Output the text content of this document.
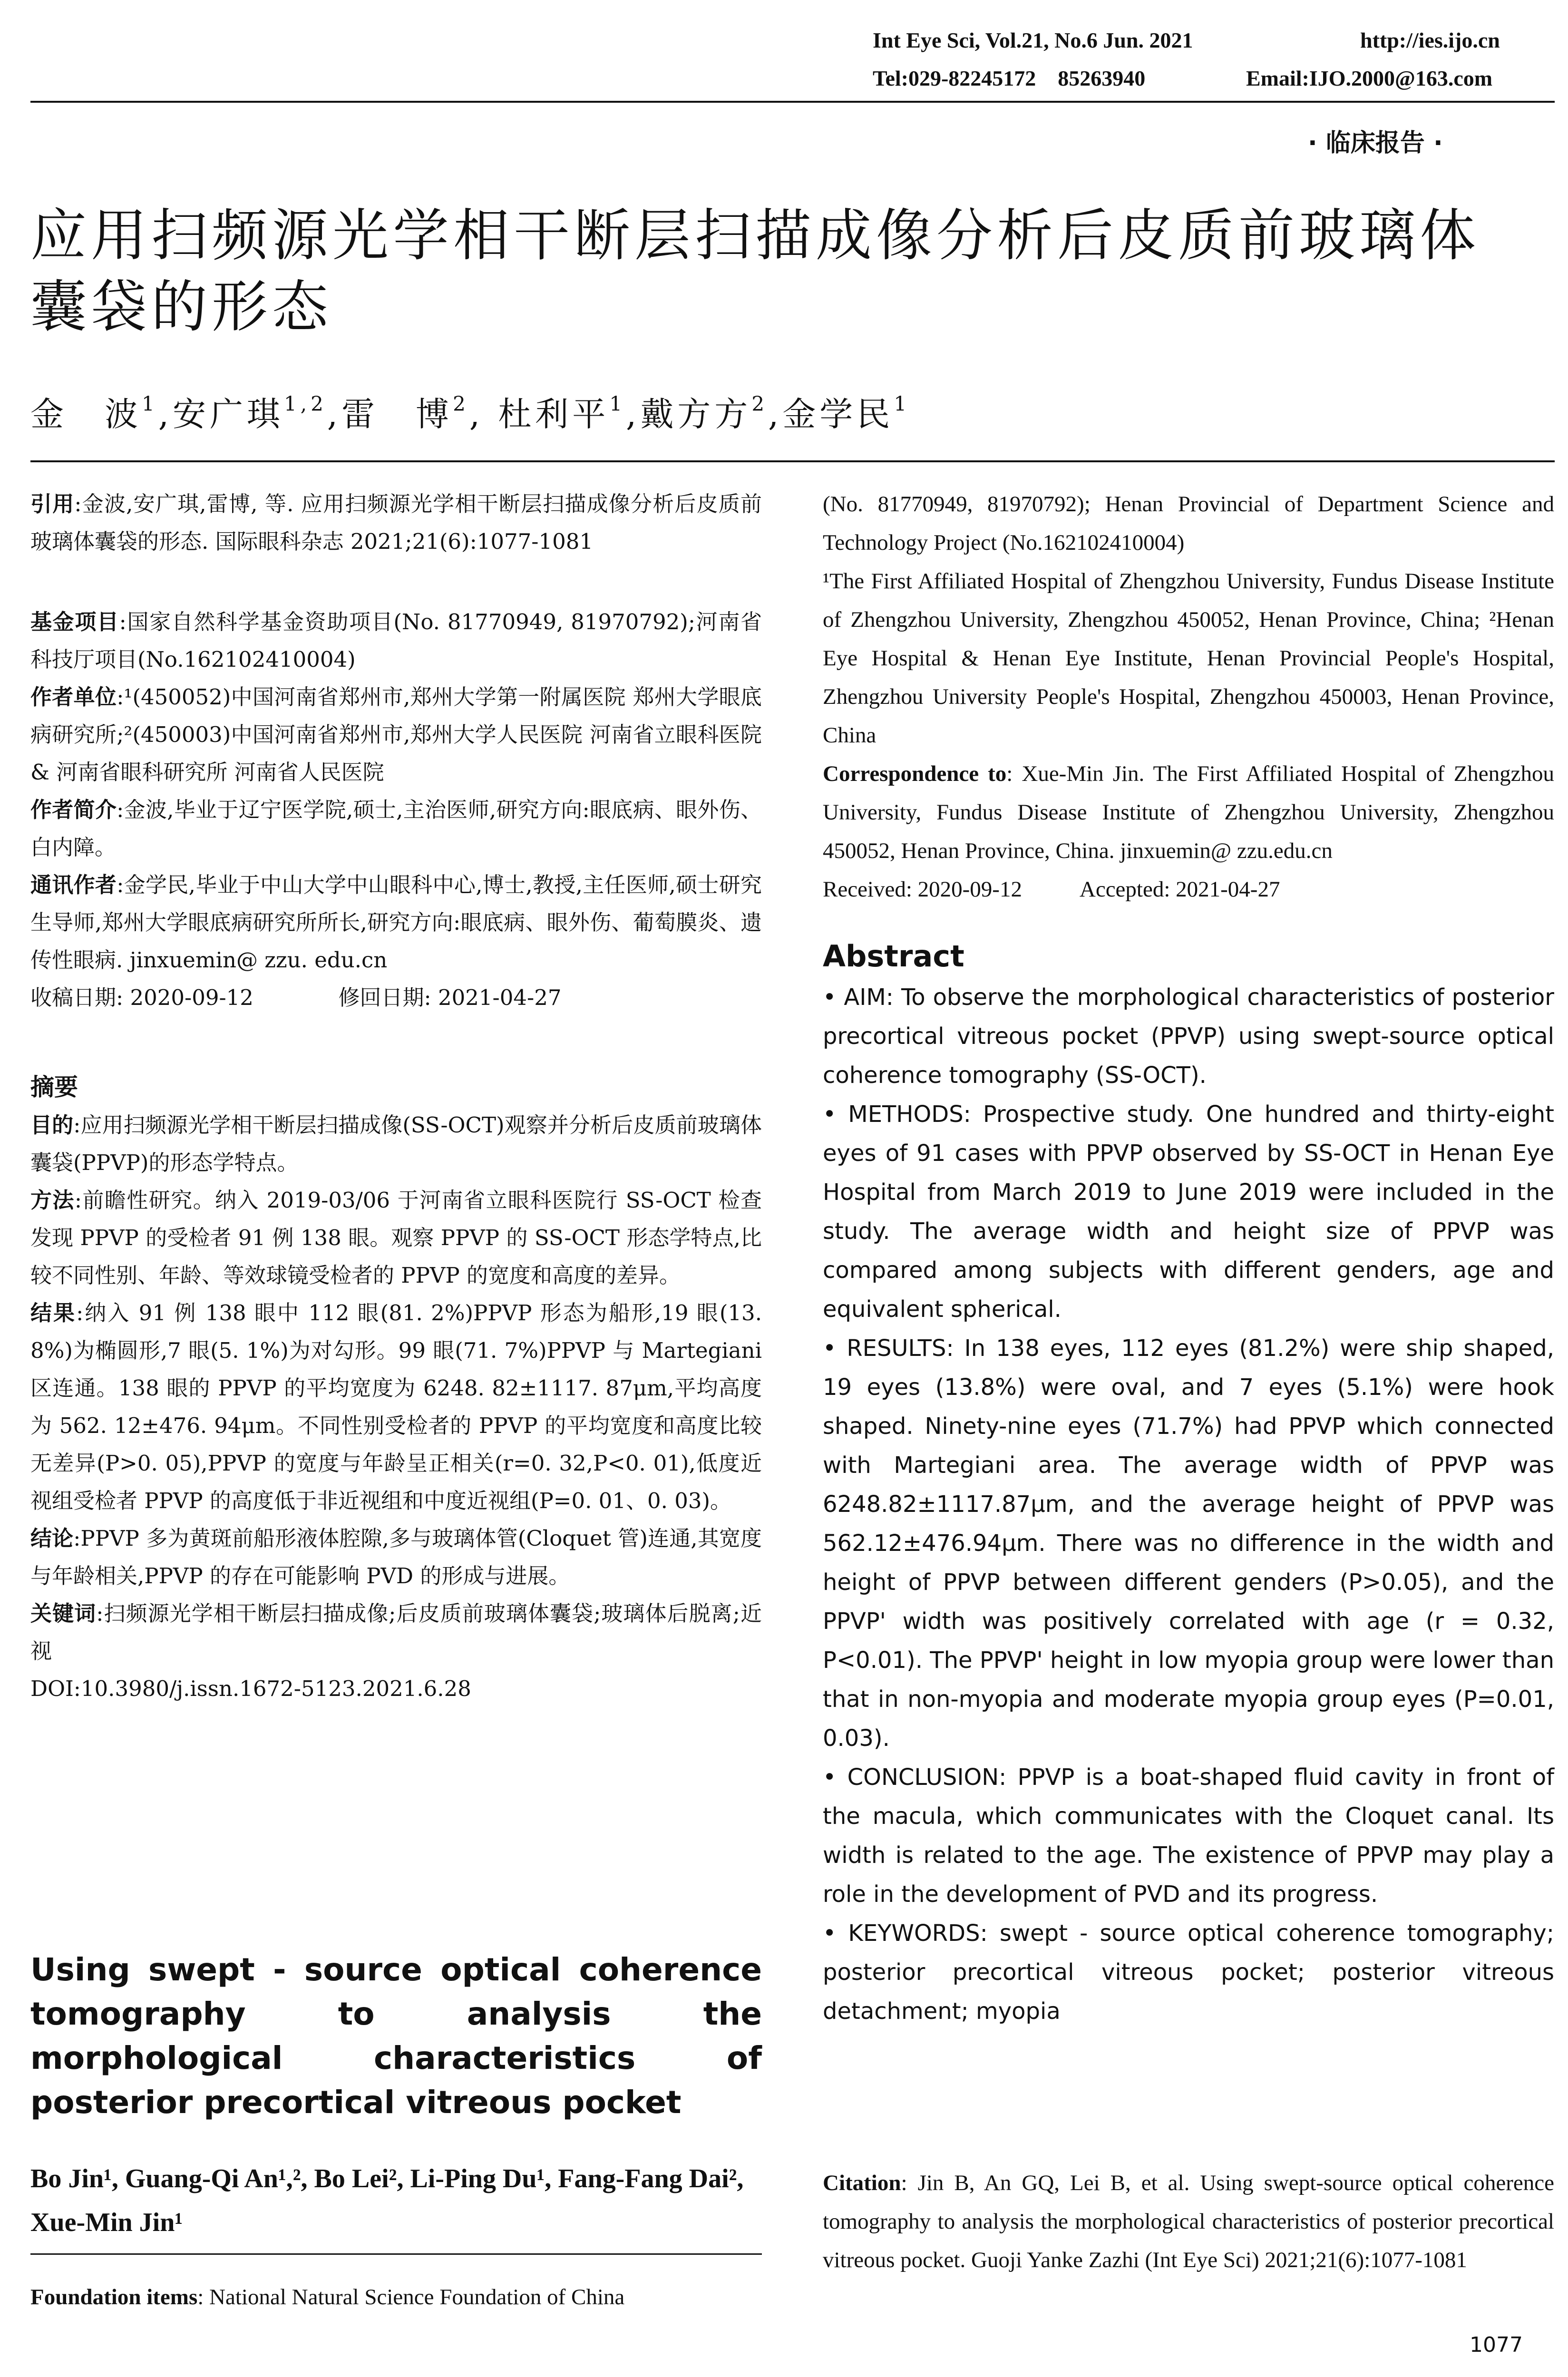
Int Eye Sci, Vol.21, No.6 Jun. 2021	http://ies.ijo.cn
Tel:029-82245172    85263940	Email:IJO.2000@163.com
· 临床报告 ·
应用扫频源光学相干断层扫描成像分析后皮质前玻璃体
囊袋的形态
金　波$^1$,安广琪$^{1,2}$,雷　博$^2$, 杜利平$^1$,戴方方$^2$,金学民$^1$
引用:金波,安广琪,雷博, 等. 应用扫频源光学相干断层扫描成像分析后皮质前玻璃体囊袋的形态. 国际眼科杂志 2021;21(6):1077-1081
基金项目:国家自然科学基金资助项目(No. 81770949, 81970792);河南省科技厅项目(No.162102410004)
作者单位:¹(450052)中国河南省郑州市,郑州大学第一附属医院 郑州大学眼底病研究所;²(450003)中国河南省郑州市,郑州大学人民医院 河南省立眼科医院 & 河南省眼科研究所 河南省人民医院
作者简介:金波,毕业于辽宁医学院,硕士,主治医师,研究方向:眼底病、眼外伤、白内障。
通讯作者:金学民,毕业于中山大学中山眼科中心,博士,教授,主任医师,硕士研究生导师,郑州大学眼底病研究所所长,研究方向:眼底病、眼外伤、葡萄膜炎、遗传性眼病. jinxuemin@ zzu. edu.cn
收稿日期: 2020-09-12	修回日期: 2021-04-27
摘要
目的:应用扫频源光学相干断层扫描成像(SS-OCT)观察并分析后皮质前玻璃体囊袋(PPVP)的形态学特点。
方法:前瞻性研究。纳入 2019-03/06 于河南省立眼科医院行 SS-OCT 检查发现 PPVP 的受检者 91 例 138 眼。观察 PPVP 的 SS-OCT 形态学特点,比较不同性别、年龄、等效球镜受检者的 PPVP 的宽度和高度的差异。
结果:纳入 91 例 138 眼中 112 眼(81. 2%)PPVP 形态为船形,19 眼(13. 8%)为椭圆形,7 眼(5. 1%)为对勾形。99 眼(71. 7%)PPVP 与 Martegiani 区连通。138 眼的 PPVP 的平均宽度为 6248. 82±1117. 87μm,平均高度为 562. 12±476. 94μm。不同性别受检者的 PPVP 的平均宽度和高度比较无差异(P>0. 05),PPVP 的宽度与年龄呈正相关(r=0. 32,P<0. 01),低度近视组受检者 PPVP 的高度低于非近视组和中度近视组(P=0. 01、0. 03)。
结论:PPVP 多为黄斑前船形液体腔隙,多与玻璃体管(Cloquet 管)连通,其宽度与年龄相关,PPVP 的存在可能影响 PVD 的形成与进展。
关键词:扫频源光学相干断层扫描成像;后皮质前玻璃体囊袋;玻璃体后脱离;近视
DOI:10.3980/j.issn.1672-5123.2021.6.28
Using swept - source optical coherence tomography to analysis the morphological characteristics of posterior precortical vitreous pocket
Bo Jin¹, Guang-Qi An¹,², Bo Lei², Li-Ping Du¹, Fang-Fang Dai², Xue-Min Jin¹
Foundation items: National Natural Science Foundation of China
(No. 81770949, 81970792); Henan Provincial of Department Science and Technology Project (No.162102410004)
¹The First Affiliated Hospital of Zhengzhou University, Fundus Disease Institute of Zhengzhou University, Zhengzhou 450052, Henan Province, China; ²Henan Eye Hospital & Henan Eye Institute, Henan Provincial People's Hospital, Zhengzhou University People's Hospital, Zhengzhou 450003, Henan Province, China
Correspondence to: Xue-Min Jin. The First Affiliated Hospital of Zhengzhou University, Fundus Disease Institute of Zhengzhou University, Zhengzhou 450052, Henan Province, China. jinxuemin@ zzu.edu.cn
Received: 2020-09-12	Accepted: 2021-04-27
Abstract
• AIM: To observe the morphological characteristics of posterior precortical vitreous pocket (PPVP) using swept-source optical coherence tomography (SS-OCT).
• METHODS: Prospective study. One hundred and thirty-eight eyes of 91 cases with PPVP observed by SS-OCT in Henan Eye Hospital from March 2019 to June 2019 were included in the study. The average width and height size of PPVP was compared among subjects with different genders, age and equivalent spherical.
• RESULTS: In 138 eyes, 112 eyes (81.2%) were ship shaped, 19 eyes (13.8%) were oval, and 7 eyes (5.1%) were hook shaped. Ninety-nine eyes (71.7%) had PPVP which connected with Martegiani area. The average width of PPVP was 6248.82±1117.87μm, and the average height of PPVP was 562.12±476.94μm. There was no difference in the width and height of PPVP between different genders (P>0.05), and the PPVP' width was positively correlated with age (r = 0.32, P<0.01). The PPVP' height in low myopia group were lower than that in non-myopia and moderate myopia group eyes (P=0.01, 0.03).
• CONCLUSION: PPVP is a boat-shaped fluid cavity in front of the macula, which communicates with the Cloquet canal. Its width is related to the age. The existence of PPVP may play a role in the development of PVD and its progress.
• KEYWORDS: swept - source optical coherence tomography; posterior precortical vitreous pocket; posterior vitreous detachment; myopia
Citation: Jin B, An GQ, Lei B, et al. Using swept-source optical coherence tomography to analysis the morphological characteristics of posterior precortical vitreous pocket. Guoji Yanke Zazhi (Int Eye Sci) 2021;21(6):1077-1081
1077
